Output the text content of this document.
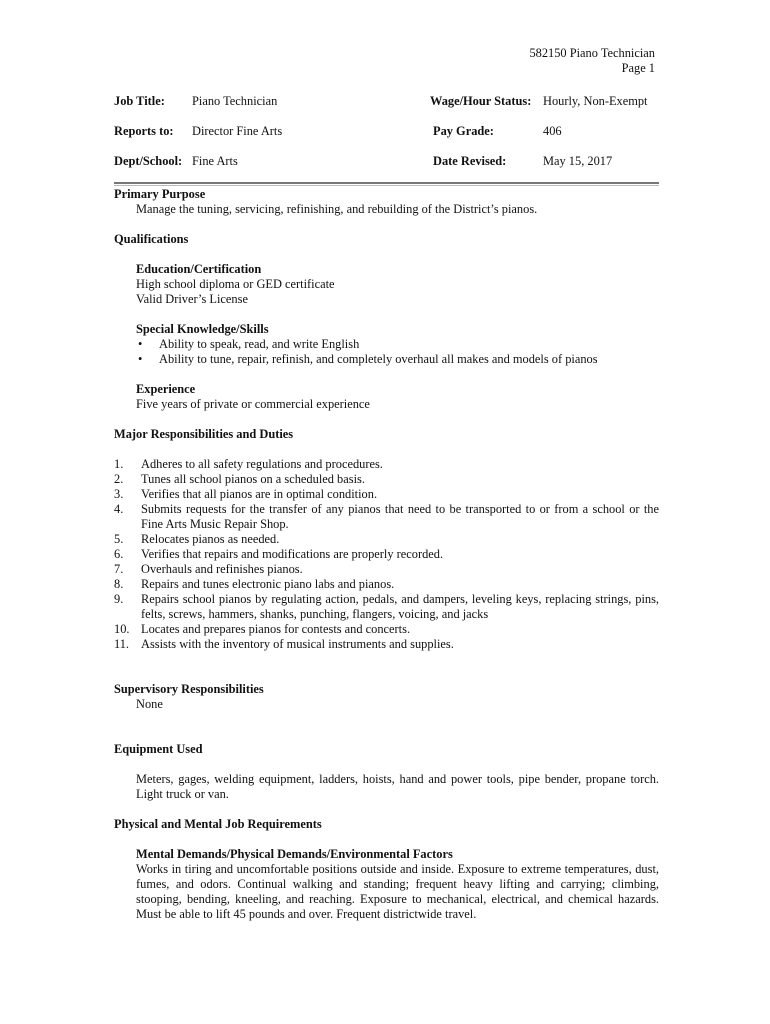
582150 Piano Technician
Page 1
Job Title: Piano Technician	Wage/Hour Status: Hourly, Non-Exempt
Reports to: Director Fine Arts	Pay Grade:	406
Dept/School: Fine Arts	Date Revised:	May 15, 2017
Primary Purpose
Manage the tuning, servicing, refinishing, and rebuilding of the District’s pianos.
Qualifications
Education/Certification
High school diploma or GED certificate
Valid Driver’s License
Special Knowledge/Skills
• Ability to speak, read, and write English
• Ability to tune, repair, refinish, and completely overhaul all makes and models of pianos
Experience
Five years of private or commercial experience
Major Responsibilities and Duties
1. Adheres to all safety regulations and procedures.
2. Tunes all school pianos on a scheduled basis.
3. Verifies that all pianos are in optimal condition.
4. Submits requests for the transfer of any pianos that need to be transported to or from a school or the Fine Arts Music Repair Shop.
5. Relocates pianos as needed.
6. Verifies that repairs and modifications are properly recorded.
7. Overhauls and refinishes pianos.
8. Repairs and tunes electronic piano labs and pianos.
9. Repairs school pianos by regulating action, pedals, and dampers, leveling keys, replacing strings, pins, felts, screws, hammers, shanks, punching, flangers, voicing, and jacks
10. Locates and prepares pianos for contests and concerts.
11. Assists with the inventory of musical instruments and supplies.
Supervisory Responsibilities
None
Equipment Used
Meters, gages, welding equipment, ladders, hoists, hand and power tools, pipe bender, propane torch. Light truck or van.
Physical and Mental Job Requirements
Mental Demands/Physical Demands/Environmental Factors
Works in tiring and uncomfortable positions outside and inside. Exposure to extreme temperatures, dust, fumes, and odors. Continual walking and standing; frequent heavy lifting and carrying; climbing, stooping, bending, kneeling, and reaching. Exposure to mechanical, electrical, and chemical hazards. Must be able to lift 45 pounds and over. Frequent districtwide travel.
